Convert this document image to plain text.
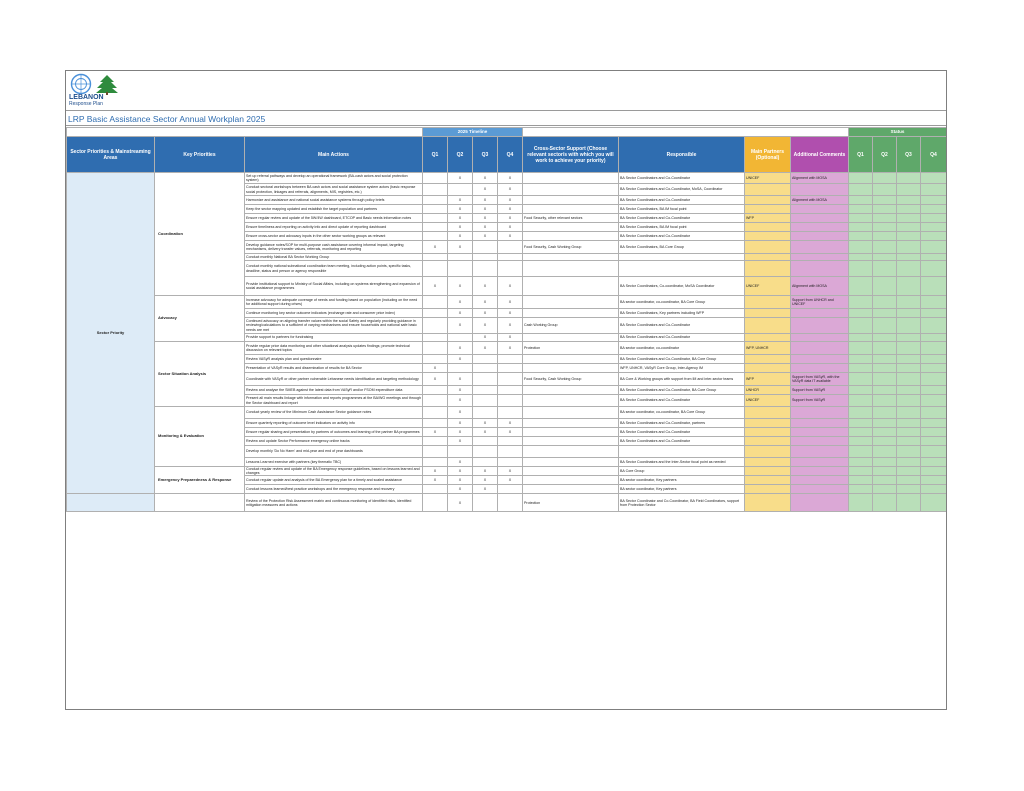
LEBANON
Response Plan
LRP Basic Assistance Sector Annual Workplan 2025
			2025 Timeline								Status			
Sector Priorities & Mainstreaming Areas	Key Priorities	Main Actions	Q1	Q2	Q3	Q4	Cross-Sector Support (Choose relevant sector/s with which you will work to achieve your priority)	Responsible	Main Partners (Optional)	Additional Comments	Q1	Q2	Q3	Q4
Sector Priority	Coordination	Set up referral pathways and develop an operational framework (BA-cash actors and social protection system)		X	X	X		BA Sector Coordinators and Co-Coordinator	UNICEF	Alignment with MOSA				
		Conduct sectoral workshops between BA cash actors and social assistance system actors (basic response social protection, linkages and referrals, alignments, MIS, registries, etc.)			X	X		BA Sector Coordinators and Co-Coordinator, MoSA, Coordinator						
		Harmonize and assistance and national social assistance systems through policy briefs		X	X	X		BA Sector Coordinators and Co-Coordinator		Alignment with MOSA				
		Keep the sector mapping updated and establish the target population and partners		X	X	X		BA Sector Coordinators, BA IM focal point						
		Ensure regular review and update of the 5W/4W dashboard, ETCOP and Basic needs information notes		X	X	X	Food Security, other relevant sectors	BA Sector Coordinators and Co-Coordinator	WFP					
		Ensure timeliness and reporting on activity info and direct update of reporting dashboard		X	X	X		BA Sector Coordinators, BA IM focal point						
		Ensure cross-sector and advocacy inputs in the other sector working groups as relevant		X	X	X		BA Sector Coordinators and Co-Coordinator						
		Develop guidance notes/SOP for multi-purpose cash assistance covering informal impact, targeting mechanisms, delivery transfer values, referrals, monitoring and reporting	X	X			Food Security, Cash Working Group	BA Sector Coordinators, BA Core Group						
		Conduct monthly National BA Sector Working Group												
		Conduct monthly national subnational coordination team meeting, including action points, specific tasks, deadline, status and person or agency responsible												
		Provide institutional support to Ministry of Social Affairs, including on systems strengthening and expansion of social assistance programmes	X	X	X	X		BA Sector Coordinators, Co-coordinator, MoSA Coordinator	UNICEF	Alignment with MOSA				
	Advocacy	Increase advocacy for adequate coverage of needs and funding based on population (including on the need for additional support during crises)		X	X	X		BA sector coordinator, co-coordinator, BA Core Group		Support from UNHCR and UNICEF				
		Continue monitoring key sector outcome indicators (exchange rate and consumer price index)		X	X	X		BA Sector Coordinators, Key partners including WFP						
		Continued advocacy on aligning transfer values within the social Safety and regularly providing guidance in reviewing/calculations to a sufficient of varying mechanisms and ensure households and national safe basic needs are met		X	X	X	Cash Working Group	BA Sector Coordinators and Co-Coordinator						
		Provide support to partners for fundraising			X	X		BA Sector Coordinators and Co-Coordinator						
	Sector Situation Analysis	Provide regular price data monitoring and other situational analysis updates findings; promote technical discussion on relevant topics		X	X	X	Protection	BA sector coordinator, co-coordinator	WFP, UNHCR					
		Review VASyR analysis plan and questionnaire		X				BA Sector Coordinators and Co-Coordinator, BA Core Group						
		Presentation of VASyR results and dissemination of results for BA Sector	X					WFP, UNHCR, VASyR Core Group, Inter-Agency IM						
		Coordinate with VASyR or other partner vulnerable Lebanese needs identification and targeting methodology	X	X			Food Security, Cash Working Group	BA Core & Working groups with support from IM and inter-sector teams	WFP	Support from VASyR, with the VASyR data IT available				
		Review and analyse the SMEB against the latest data from VASyR and/or FSOM expenditure data		X				BA Sector Coordinators and Co-Coordinator, BA Core Group	UNHCR	Support from VASyR				
		Present all main results linkage with information and reports programmes at the BA/WG meetings and through the Sector dashboard and report		X				BA Sector Coordinators and Co-Coordinator	UNICEF	Support from VASyR				
	Monitoring & Evaluation	Conduct yearly review of the Minimum Cash Assistance Sector guidance notes		X				BA sector coordinator, co-coordinator, BA Core Group						
		Ensure quarterly reporting of outcome level indicators on activity info		X	X	X		BA Sector Coordinators and Co-Coordinator, partners						
		Ensure regular sharing and presentation by partners of outcomes and learning of the partner BA programmes	X	X	X	X		BA Sector Coordinators and Co-Coordinator						
		Review and update Sector Performance emergency online tracks		X				BA Sector Coordinators and Co-Coordinator						
		Develop monthly 'Do No Harm' and mid-year and end of year dashboards												
		Lessons Learned exercise with partners (key thematic TBC)		X				BA Sector Coordinators and the Inter-Sector focal point as needed						
	Emergency Preparedness & Response	Conduct regular review and update of the BA Emergency response guidelines, based on lessons learned and changes	X	X	X	X		BA Core Group						
		Conduct regular update and analysis of the BA Emergency plan for a timely and scaled assistance	X	X	X	X		BA sector coordinator, Key partners						
		Conduct lessons learned/best practice workshops and the emergency response and recovery		X	X			BA sector coordinator, Key partners						
		Review of the Protection Risk Assessment matrix and continuous monitoring of identified risks, identified mitigation measures and actions		X			Protection	BA Sector Coordinator and Co-Coordinator, BA Field Coordinators, support from Protection Sector						
